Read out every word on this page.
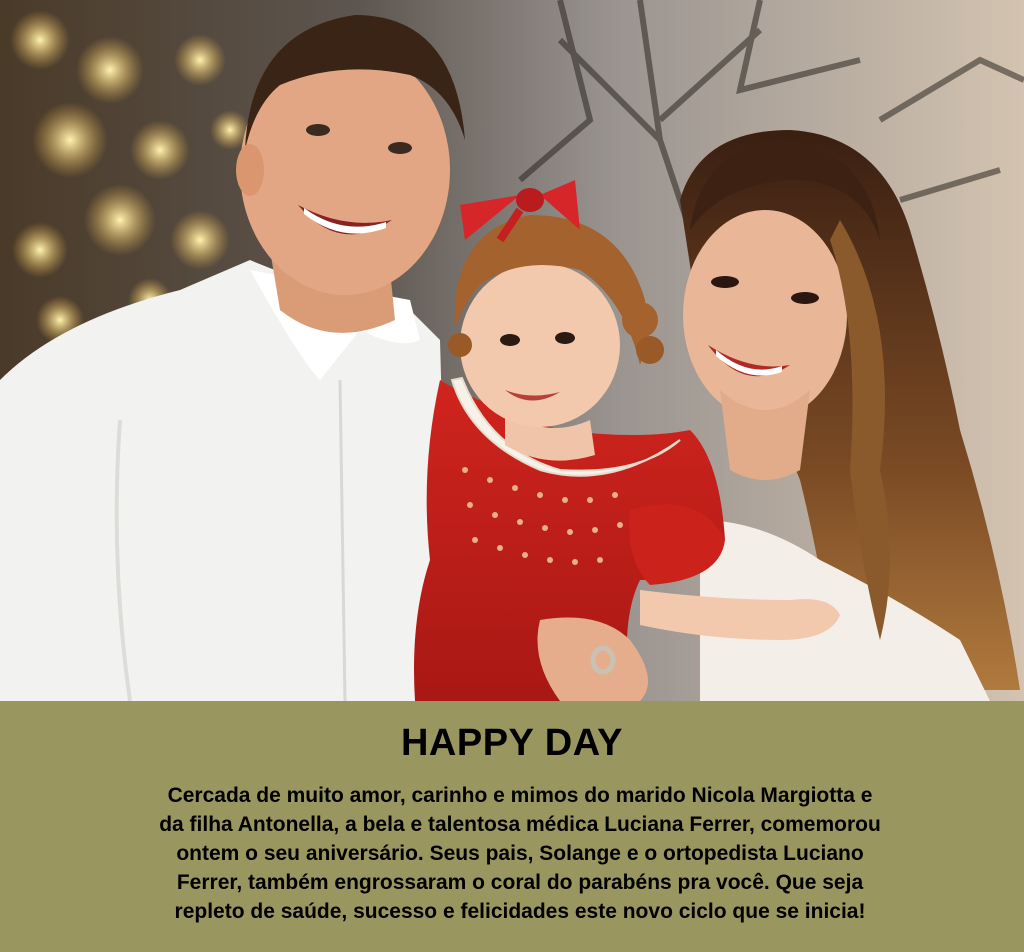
HAPPY DAY
Cercada de muito amor, carinho e mimos do marido Nicola Margiotta e
da filha Antonella, a bela e talentosa médica Luciana Ferrer, comemorou
ontem o seu aniversário. Seus pais, Solange e o ortopedista Luciano
Ferrer, também engrossaram o coral do parabéns pra você. Que seja
repleto de saúde, sucesso e felicidades este novo ciclo que se inicia!
